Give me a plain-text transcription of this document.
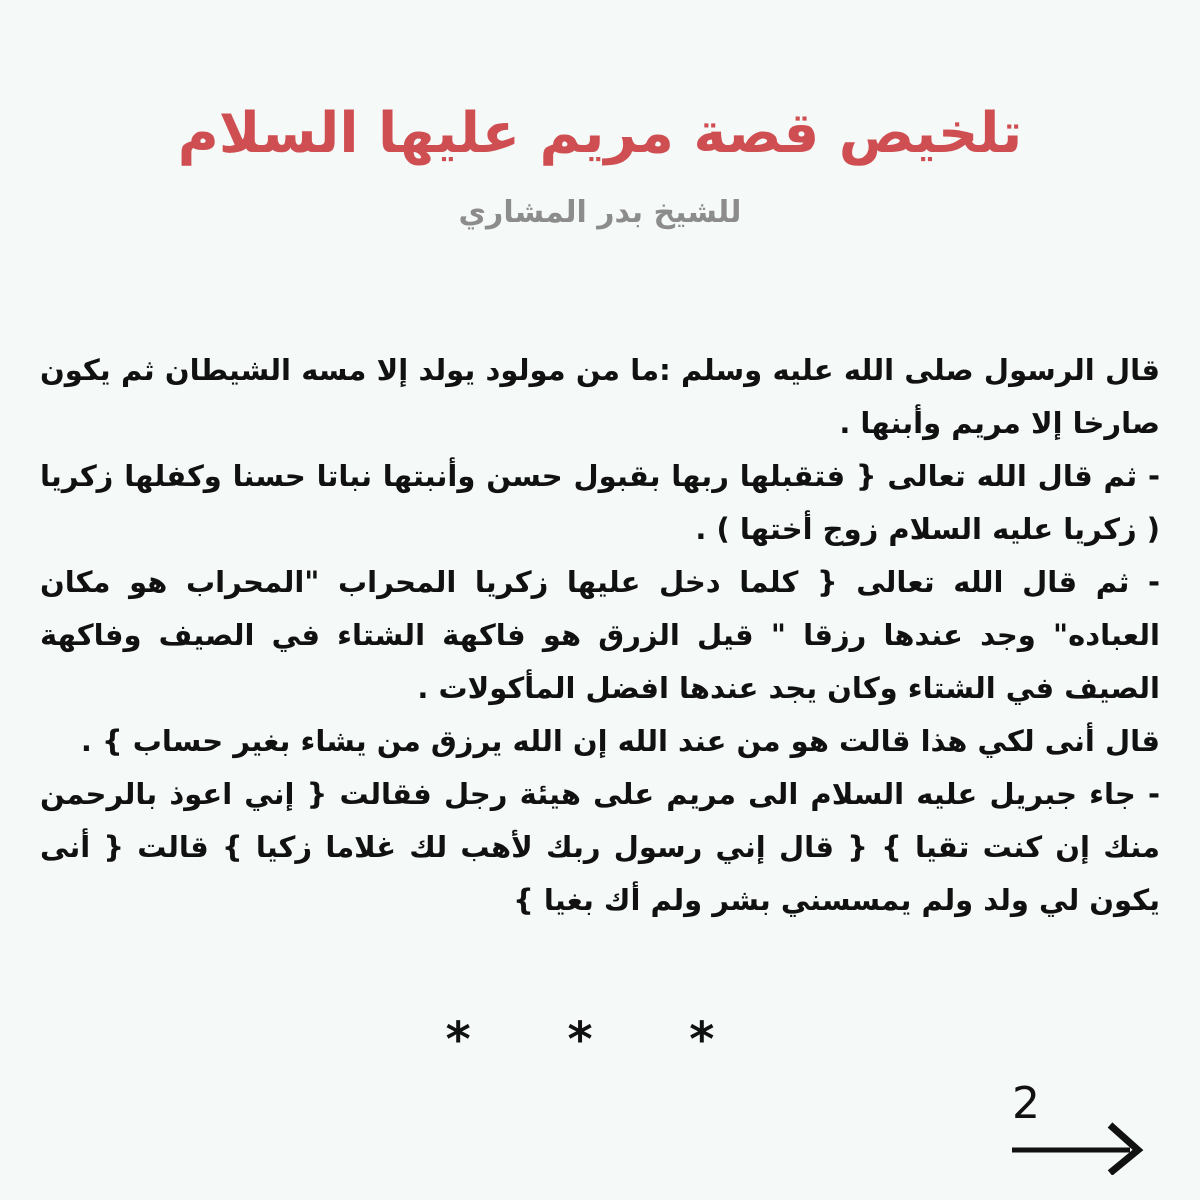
تلخيص قصة مريم عليها السلام
للشيخ بدر المشاري

قال الرسول صلى الله عليه وسلم :ما من مولود يولد إلا مسه الشيطان ثم يكون صارخا إلا مريم وأبنها .

- ثم قال الله تعالى { فتقبلها ربها بقبول حسن وأنبتها نباتا حسنا وكفلها زكريا ( زكريا عليه السلام زوج أختها ) .

- ثم قال الله تعالى { كلما دخل عليها زكريا المحراب "المحراب هو مكان العباده" وجد عندها رزقا " قيل الزرق هو فاكهة الشتاء في الصيف وفاكهة الصيف في الشتاء وكان يجد عندها افضل المأكولات .

قال أنى لكي هذا قالت هو من عند الله إن الله يرزق من يشاء بغير حساب } .

- جاء جبريل عليه السلام الى مريم على هيئة رجل فقالت { إني اعوذ بالرحمن منك إن كنت تقيا } { قال إني رسول ربك لأهب لك غلاما زكيا } قالت { أنى يكون لي ولد ولم يمسسني بشر ولم أك بغيا }

* * *
2
